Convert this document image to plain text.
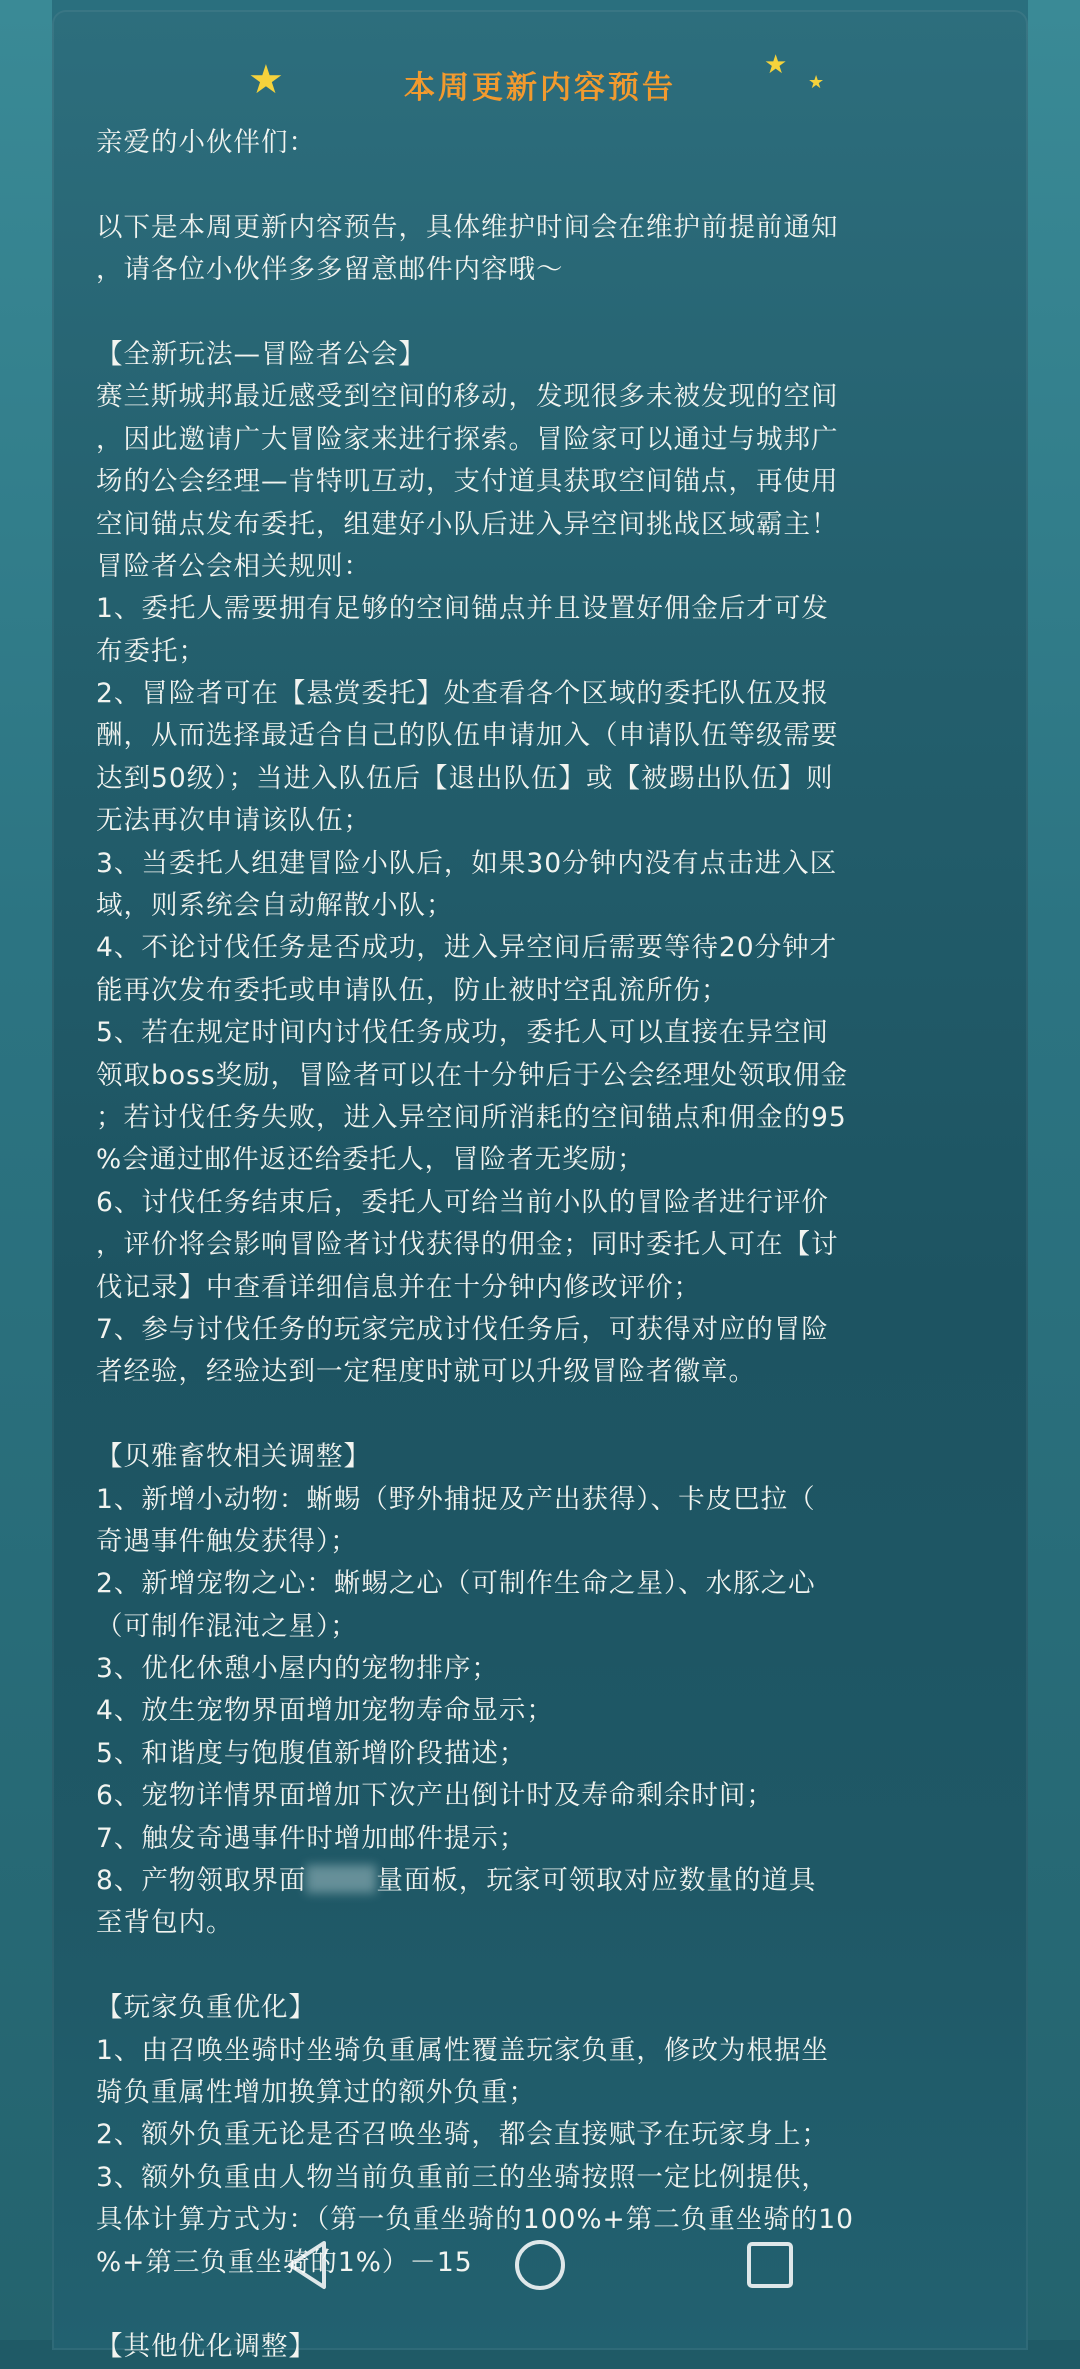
★	本周更新内容预告
★
★
亲爱的小伙伴们：
以下是本周更新内容预告，具体维护时间会在维护前提前通知
，请各位小伙伴多多留意邮件内容哦～
【全新玩法—冒险者公会】
赛兰斯城邦最近感受到空间的移动，发现很多未被发现的空间
，因此邀请广大冒险家来进行探索。冒险家可以通过与城邦广
场的公会经理—肯特叽互动，支付道具获取空间锚点，再使用
空间锚点发布委托，组建好小队后进入异空间挑战区域霸主！
冒险者公会相关规则：
1、委托人需要拥有足够的空间锚点并且设置好佣金后才可发
布委托；
2、冒险者可在【悬赏委托】处查看各个区域的委托队伍及报
酬，从而选择最适合自己的队伍申请加入（申请队伍等级需要
达到50级）；当进入队伍后【退出队伍】或【被踢出队伍】则
无法再次申请该队伍；
3、当委托人组建冒险小队后，如果30分钟内没有点击进入区
域，则系统会自动解散小队；
4、不论讨伐任务是否成功，进入异空间后需要等待20分钟才
能再次发布委托或申请队伍，防止被时空乱流所伤；
5、若在规定时间内讨伐任务成功，委托人可以直接在异空间
领取boss奖励，冒险者可以在十分钟后于公会经理处领取佣金
；若讨伐任务失败，进入异空间所消耗的空间锚点和佣金的95
%会通过邮件返还给委托人，冒险者无奖励；
6、讨伐任务结束后，委托人可给当前小队的冒险者进行评价
，评价将会影响冒险者讨伐获得的佣金；同时委托人可在【讨
伐记录】中查看详细信息并在十分钟内修改评价；
7、参与讨伐任务的玩家完成讨伐任务后，可获得对应的冒险
者经验，经验达到一定程度时就可以升级冒险者徽章。
【贝雅畜牧相关调整】
1、新增小动物：蜥蜴（野外捕捉及产出获得）、卡皮巴拉（
奇遇事件触发获得）；
2、新增宠物之心：蜥蜴之心（可制作生命之星）、水豚之心
（可制作混沌之星）；
3、优化休憩小屋内的宠物排序；
4、放生宠物界面增加宠物寿命显示；
5、和谐度与饱腹值新增阶段描述；
6、宠物详情界面增加下次产出倒计时及寿命剩余时间；
7、触发奇遇事件时增加邮件提示；
8、产物领取界面	量面板，玩家可领取对应数量的道具
至背包内。
【玩家负重优化】
1、由召唤坐骑时坐骑负重属性覆盖玩家负重，修改为根据坐
骑负重属性增加换算过的额外负重；
2、额外负重无论是否召唤坐骑，都会直接赋予在玩家身上；
3、额外负重由人物当前负重前三的坐骑按照一定比例提供，
具体计算方式为：（第一负重坐骑的100%+第二负重坐骑的10
%+第三负重坐骑的1%）－15
【其他优化调整】
